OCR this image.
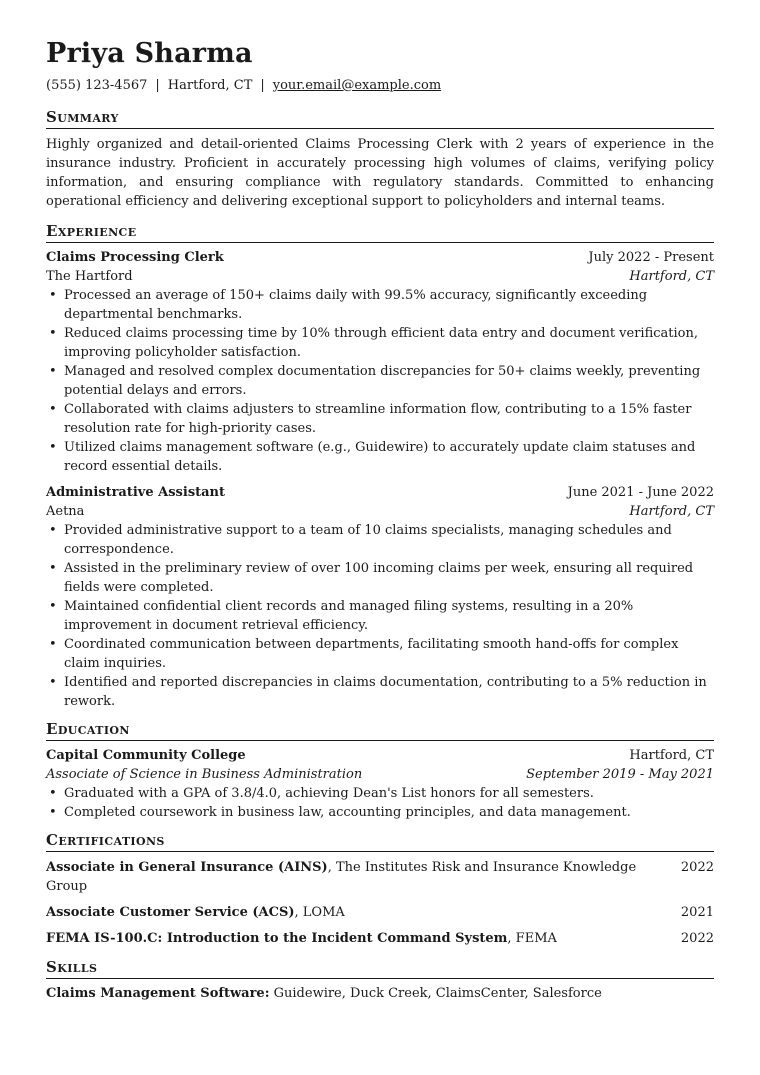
Priya Sharma
(555) 123-4567 | Hartford, CT | your.email@example.com
Summary
Highly organized and detail-oriented Claims Processing Clerk with 2 years of experience in the insurance industry. Proficient in accurately processing high volumes of claims, verifying policy information, and ensuring compliance with regulatory standards. Committed to enhancing operational efficiency and delivering exceptional support to policyholders and internal teams.
Experience
Claims Processing Clerk	July 2022 - Present
The Hartford	Hartford, CT
• Processed an average of 150+ claims daily with 99.5% accuracy, significantly exceeding departmental benchmarks.
• Reduced claims processing time by 10% through efficient data entry and document verification, improving policyholder satisfaction.
• Managed and resolved complex documentation discrepancies for 50+ claims weekly, preventing potential delays and errors.
• Collaborated with claims adjusters to streamline information flow, contributing to a 15% faster resolution rate for high-priority cases.
• Utilized claims management software (e.g., Guidewire) to accurately update claim statuses and record essential details.
Administrative Assistant	June 2021 - June 2022
Aetna	Hartford, CT
• Provided administrative support to a team of 10 claims specialists, managing schedules and correspondence.
• Assisted in the preliminary review of over 100 incoming claims per week, ensuring all required fields were completed.
• Maintained confidential client records and managed filing systems, resulting in a 20% improvement in document retrieval efficiency.
• Coordinated communication between departments, facilitating smooth hand-offs for complex claim inquiries.
• Identified and reported discrepancies in claims documentation, contributing to a 5% reduction in rework.
Education
Capital Community College	Hartford, CT
Associate of Science in Business Administration	September 2019 - May 2021
• Graduated with a GPA of 3.8/4.0, achieving Dean's List honors for all semesters.
• Completed coursework in business law, accounting principles, and data management.
Certifications
Associate in General Insurance (AINS), The Institutes Risk and Insurance Knowledge Group
2022
Associate Customer Service (ACS), LOMA	2021
FEMA IS-100.C: Introduction to the Incident Command System, FEMA	2022
Skills
Claims Management Software: Guidewire, Duck Creek, ClaimsCenter, Salesforce
